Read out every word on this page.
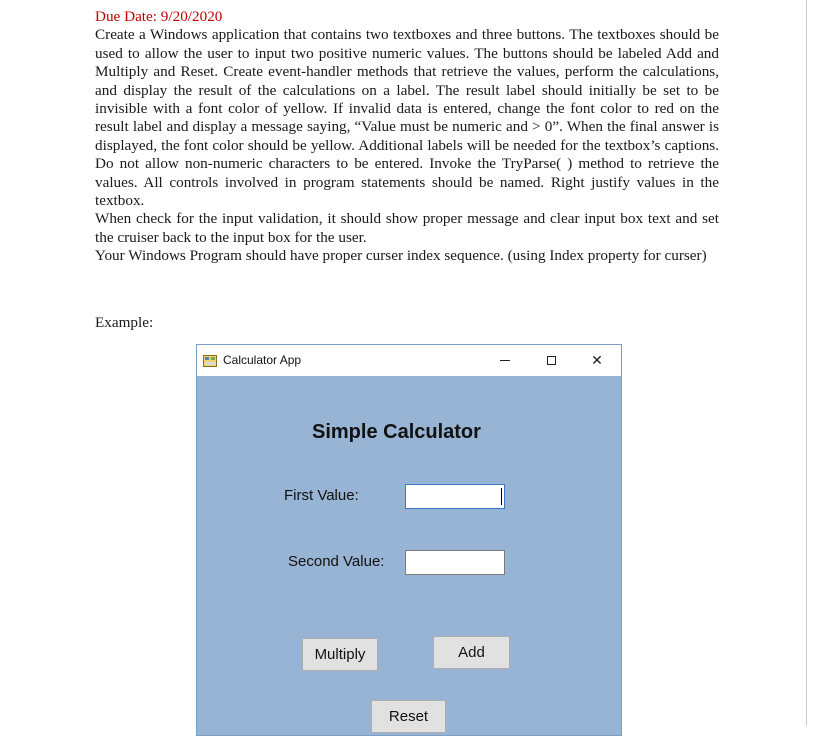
Due Date: 9/20/2020

Create a Windows application that contains two textboxes and three buttons. The textboxes should be used to allow the user to input two positive numeric values. The buttons should be labeled Add and Multiply and Reset. Create event-handler methods that retrieve the values, perform the calculations, and display the result of the calculations on a label. The result label should initially be set to be invisible with a font color of yellow. If invalid data is entered, change the font color to red on the result label and display a message saying, “Value must be numeric and > 0”. When the final answer is displayed, the font color should be yellow. Additional labels will be needed for the textbox’s captions. Do not allow non-numeric characters to be entered. Invoke the TryParse( ) method to retrieve the values. All controls involved in program statements should be named. Right justify values in the textbox.

When check for the input validation, it should show proper message and clear input box text and set the cruiser back to the input box for the user.

Your Windows Program should have proper curser index sequence. (using Index property for curser)

Example:

Calculator App	✕
Simple Calculator
First Value:
Second Value:
Multiply	Add
Reset
